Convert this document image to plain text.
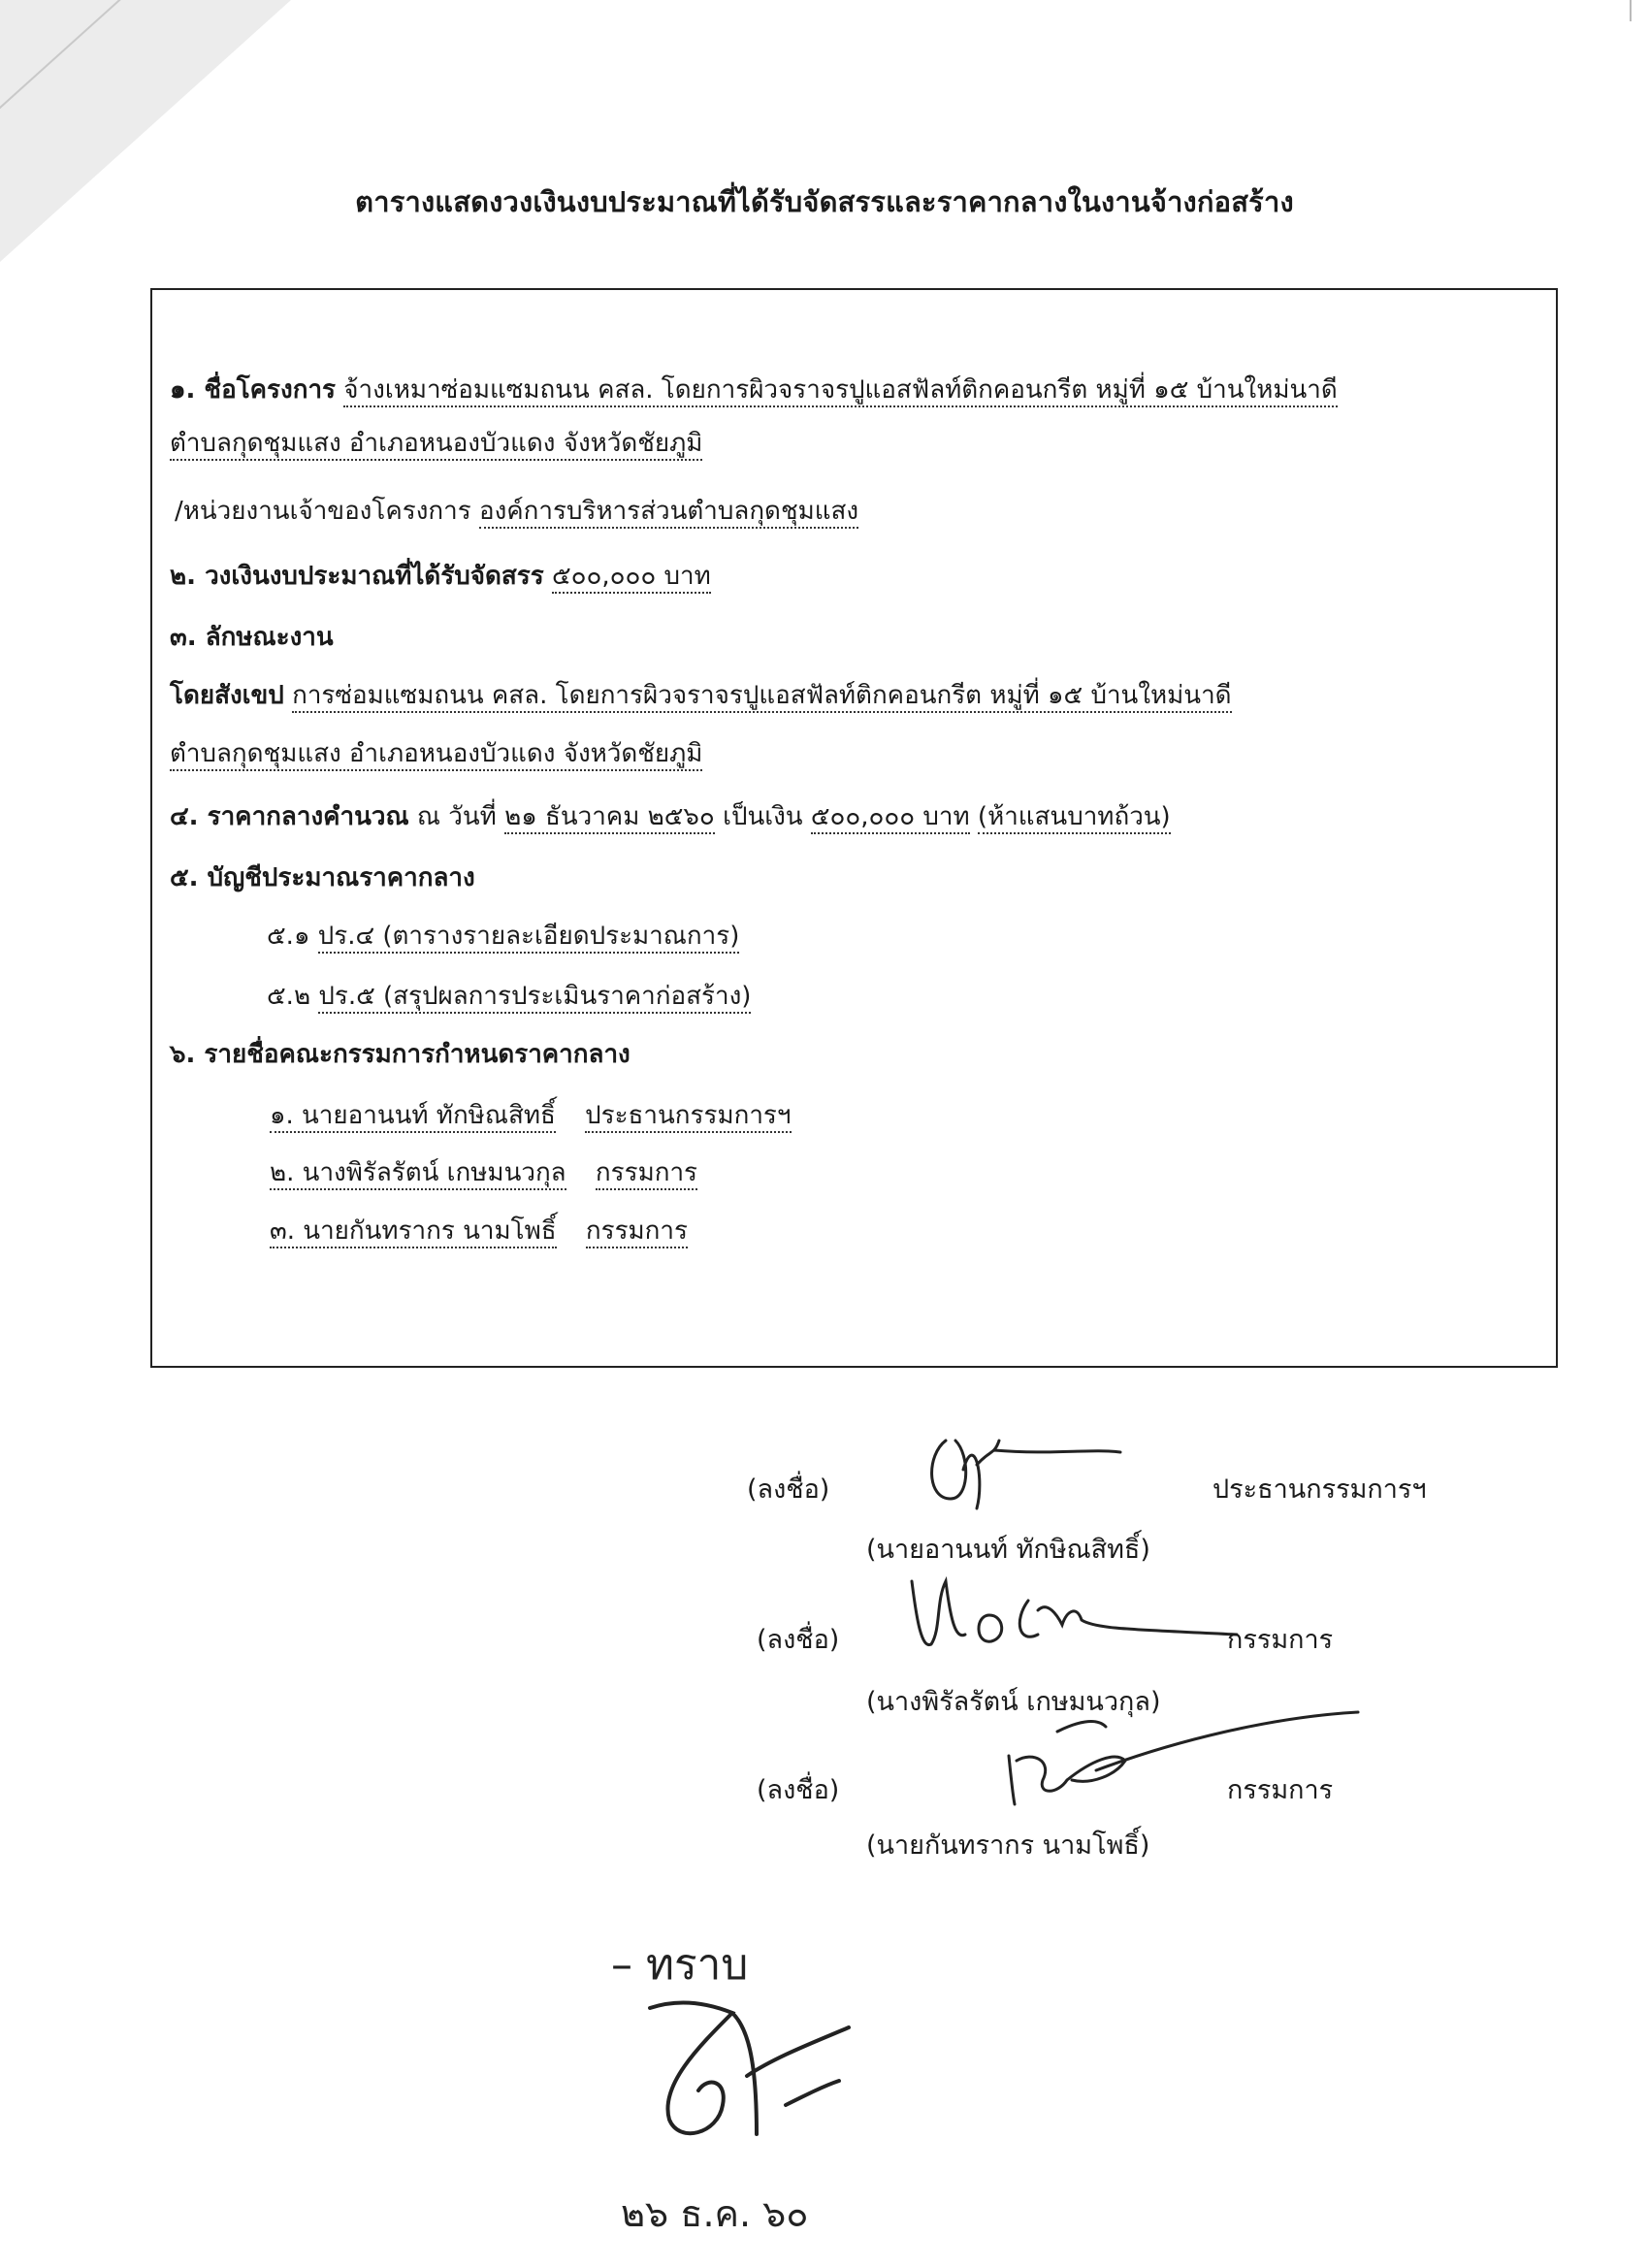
ตารางแสดงวงเงินงบประมาณที่ได้รับจัดสรรและราคากลางในงานจ้างก่อสร้าง
๑. ชื่อโครงการ จ้างเหมาซ่อมแซมถนน คสล. โดยการผิวจราจรปูแอสฟัลท์ติกคอนกรีต หมู่ที่ ๑๕ บ้านใหม่นาดี
ตำบลกุดชุมแสง อำเภอหนองบัวแดง จังหวัดชัยภูมิ
/หน่วยงานเจ้าของโครงการ องค์การบริหารส่วนตำบลกุดชุมแสง
๒. วงเงินงบประมาณที่ได้รับจัดสรร ๕๐๐,๐๐๐ บาท
๓. ลักษณะงาน
โดยสังเขป การซ่อมแซมถนน คสล. โดยการผิวจราจรปูแอสฟัลท์ติกคอนกรีต หมู่ที่ ๑๕ บ้านใหม่นาดี
ตำบลกุดชุมแสง อำเภอหนองบัวแดง จังหวัดชัยภูมิ
๔. ราคากลางคำนวณ ณ วันที่ ๒๑ ธันวาคม ๒๕๖๐ เป็นเงิน ๕๐๐,๐๐๐ บาท (ห้าแสนบาทถ้วน)
๕. บัญชีประมาณราคากลาง
๕.๑ ปร.๔ (ตารางรายละเอียดประมาณการ)
๕.๒ ปร.๕ (สรุปผลการประเมินราคาก่อสร้าง)
๖. รายชื่อคณะกรรมการกำหนดราคากลาง
๑. นายอานนท์ ทักษิณสิทธิ์ ประธานกรรมการฯ
๒. นางพิรัลรัตน์ เกษมนวกุล กรรมการ
๓. นายกันทรากร นามโพธิ์ กรรมการ
(ลงชื่อ)	ประธานกรรมการฯ
(นายอานนท์ ทักษิณสิทธิ์)
(ลงชื่อ)	กรรมการ
(นางพิรัลรัตน์ เกษมนวกุล)
(ลงชื่อ)	กรรมการ
(นายกันทรากร นามโพธิ์)
– ทราบ
๒๖ ธ.ค. ๖๐
